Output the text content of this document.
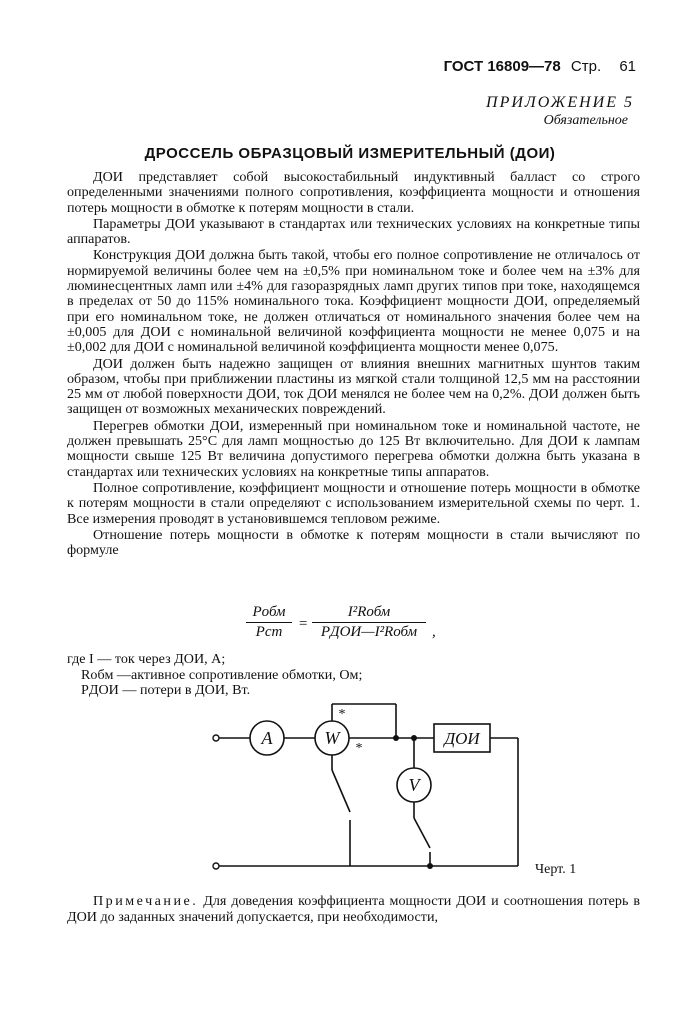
ГОСТ 16809—78 Стр. 61
ПРИЛОЖЕНИЕ 5
Обязательное
ДРОССЕЛЬ ОБРАЗЦОВЫЙ ИЗМЕРИТЕЛЬНЫЙ (ДОИ)

ДОИ представляет собой высокостабильный индуктивный балласт со строго определенными значениями полного сопротивления, коэффициента мощности и отношения потерь мощности в обмотке к потерям мощности в стали.

Параметры ДОИ указывают в стандартах или технических условиях на конкретные типы аппаратов.

Конструкция ДОИ должна быть такой, чтобы его полное сопротивление не отличалось от нормируемой величины более чем на ±0,5% при номинальном токе и более чем на ±3% для люминесцентных ламп или ±4% для газоразрядных ламп других типов при токе, находящемся в пределах от 50 до 115% номинального тока. Коэффициент мощности ДОИ, определяемый при его номинальном токе, не должен отличаться от номинального значения более чем на ±0,005 для ДОИ с номинальной величиной коэффициента мощности не менее 0,075 и на ±0,002 для ДОИ с номинальной величиной коэффициента мощности менее 0,075.

ДОИ должен быть надежно защищен от влияния внешних магнитных шунтов таким образом, чтобы при приближении пластины из мягкой стали толщиной 12,5 мм на расстоянии 25 мм от любой поверхности ДОИ, ток ДОИ менялся не более чем на 0,2%. ДОИ должен быть защищен от возможных механических повреждений.

Перегрев обмотки ДОИ, измеренный при номинальном токе и номинальной частоте, не должен превышать 25°С для ламп мощностью до 125 Вт включительно. Для ДОИ к лампам мощности свыше 125 Вт величина допустимого перегрева обмотки должна быть указана в стандартах или технических условиях на конкретные типы аппаратов.

Полное сопротивление, коэффициент мощности и отношение потерь мощности в обмотке к потерям мощности в стали определяют с использованием измерительной схемы по черт. 1. Все измерения проводят в установившемся тепловом режиме.

Отношение потерь мощности в обмотке к потерям мощности в стали вычисляют по формуле

Pобм
Pст	=
I²Rобм
PДОИ—I²Rобм ,
где I — ток через ДОИ, А;
Rобм —активное сопротивление обмотки, Ом;
PДОИ — потери в ДОИ, Вт.
A	W
V
ДОИ
*
*
Черт. 1

Примечание. Для доведения коэффициента мощности ДОИ и соотношения потерь в ДОИ до заданных значений допускается, при необходимости,
